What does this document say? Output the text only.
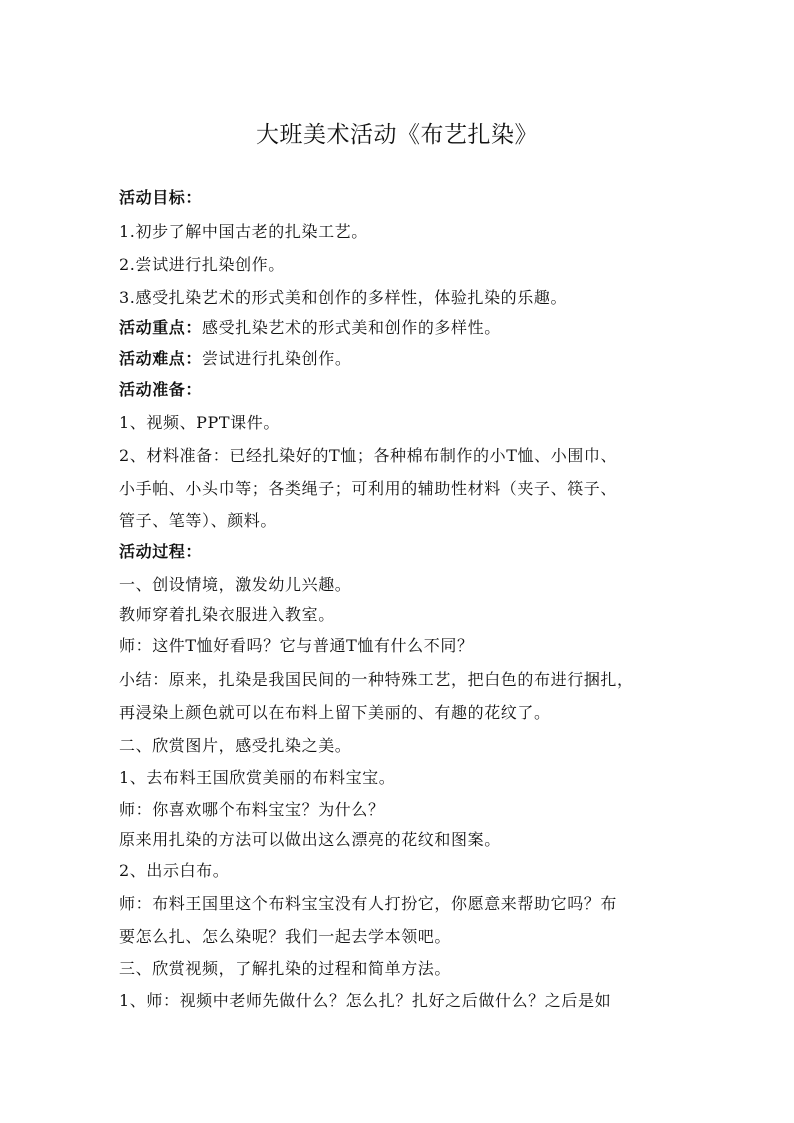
大班美术活动《布艺扎染》
活动目标：
1.初步了解中国古老的扎染工艺。
2.尝试进行扎染创作。
3.感受扎染艺术的形式美和创作的多样性，体验扎染的乐趣。
活动重点：感受扎染艺术的形式美和创作的多样性。
活动难点：尝试进行扎染创作。
活动准备：
1、视频、PPT课件。
2、材料准备：已经扎染好的T恤；各种棉布制作的小T恤、小围巾、
小手帕、小头巾等；各类绳子；可利用的辅助性材料（夹子、筷子、
管子、笔等）、颜料。
活动过程：
一、创设情境，激发幼儿兴趣。
教师穿着扎染衣服进入教室。
师：这件T恤好看吗？它与普通T恤有什么不同？
小结：原来，扎染是我国民间的一种特殊工艺，把白色的布进行捆扎，
再浸染上颜色就可以在布料上留下美丽的、有趣的花纹了。
二、欣赏图片，感受扎染之美。
1、去布料王国欣赏美丽的布料宝宝。
师：你喜欢哪个布料宝宝？为什么？
原来用扎染的方法可以做出这么漂亮的花纹和图案。
2、出示白布。
师：布料王国里这个布料宝宝没有人打扮它，你愿意来帮助它吗？布
要怎么扎、怎么染呢？我们一起去学本领吧。
三、欣赏视频，了解扎染的过程和简单方法。
1、师：视频中老师先做什么？怎么扎？扎好之后做什么？之后是如
